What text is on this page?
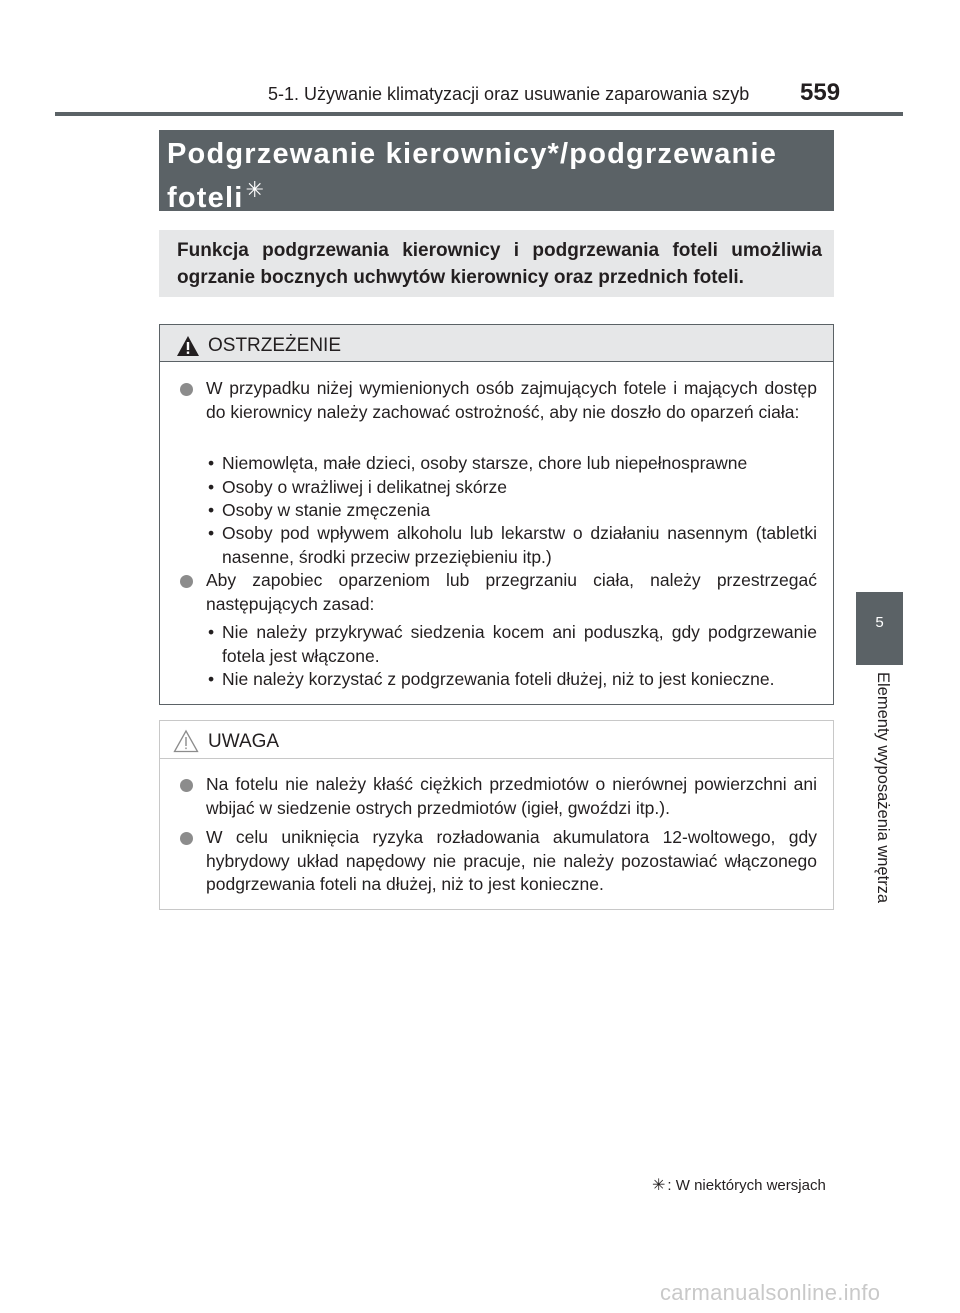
5-1. Używanie klimatyzacji oraz usuwanie zaparowania szyb 559
5
Elementy wyposażenia wnętrza
Podgrzewanie kierownicy*/podgrzewanie foteli✳
Funkcja podgrzewania kierownicy i podgrzewania foteli umożliwia ogrzanie bocznych uchwytów kierownicy oraz przednich foteli.
OSTRZEŻENIE
W przypadku niżej wymienionych osób zajmujących fotele i mających dostęp do kierownicy należy zachować ostrożność, aby nie doszło do oparzeń ciała:
• Niemowlęta, małe dzieci, osoby starsze, chore lub niepełnosprawne
• Osoby o wrażliwej i delikatnej skórze
• Osoby w stanie zmęczenia
• Osoby pod wpływem alkoholu lub lekarstw o działaniu nasennym (tabletki nasenne, środki przeciw przeziębieniu itp.)
Aby zapobiec oparzeniom lub przegrzaniu ciała, należy przestrzegać następujących zasad:
• Nie należy przykrywać siedzenia kocem ani poduszką, gdy podgrzewanie fotela jest włączone.
• Nie należy korzystać z podgrzewania foteli dłużej, niż to jest konieczne.
UWAGA
Na fotelu nie należy kłaść ciężkich przedmiotów o nierównej powierzchni ani wbijać w siedzenie ostrych przedmiotów (igieł, gwoździ itp.).
W celu uniknięcia ryzyka rozładowania akumulatora 12-woltowego, gdy hybrydowy układ napędowy nie pracuje, nie należy pozostawiać włączonego podgrzewania foteli na dłużej, niż to jest konieczne.
✳ : W niektórych wersjach
carmanualsonline.info
